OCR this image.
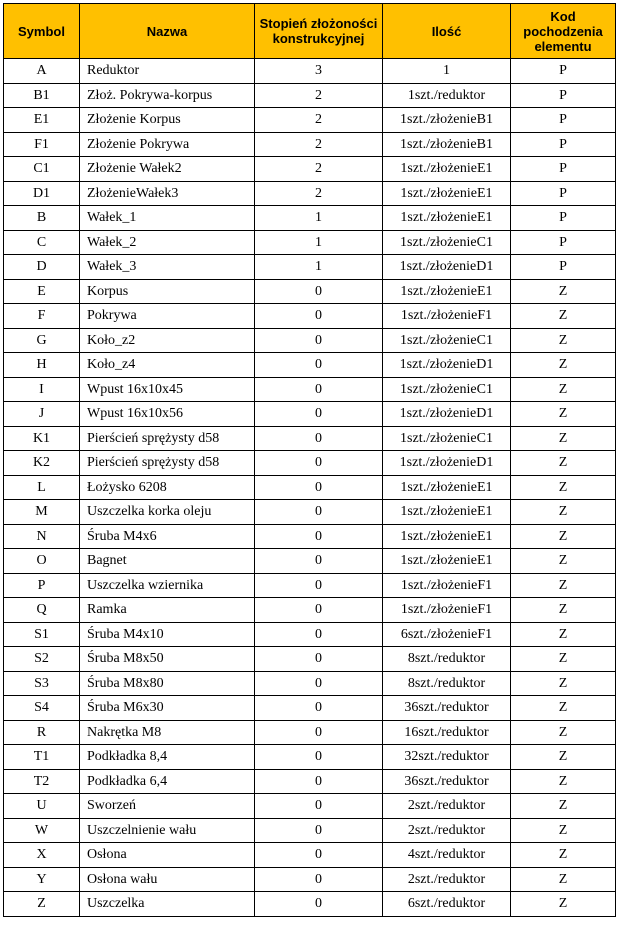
Symbol	Nazwa	Stopień złożoności konstrukcyjnej	Ilość	Kod pochodzenia elementu
A	Reduktor	3	1	P
B1	Złoż. Pokrywa-korpus	2	1szt./reduktor	P
E1	Złożenie Korpus	2	1szt./złożenieB1	P
F1	Złożenie Pokrywa	2	1szt./złożenieB1	P
C1	Złożenie Wałek2	2	1szt./złożenieE1	P
D1	ZłożenieWałek3	2	1szt./złożenieE1	P
B	Wałek_1	1	1szt./złożenieE1	P
C	Wałek_2	1	1szt./złożenieC1	P
D	Wałek_3	1	1szt./złożenieD1	P
E	Korpus	0	1szt./złożenieE1	Z
F	Pokrywa	0	1szt./złożenieF1	Z
G	Koło_z2	0	1szt./złożenieC1	Z
H	Koło_z4	0	1szt./złożenieD1	Z
I	Wpust 16x10x45	0	1szt./złożenieC1	Z
J	Wpust 16x10x56	0	1szt./złożenieD1	Z
K1	Pierścień sprężysty d58	0	1szt./złożenieC1	Z
K2	Pierścień sprężysty d58	0	1szt./złożenieD1	Z
L	Łożysko 6208	0	1szt./złożenieE1	Z
M	Uszczelka korka oleju	0	1szt./złożenieE1	Z
N	Śruba M4x6	0	1szt./złożenieE1	Z
O	Bagnet	0	1szt./złożenieE1	Z
P	Uszczelka wziernika	0	1szt./złożenieF1	Z
Q	Ramka	0	1szt./złożenieF1	Z
S1	Śruba M4x10	0	6szt./złożenieF1	Z
S2	Śruba M8x50	0	8szt./reduktor	Z
S3	Śruba M8x80	0	8szt./reduktor	Z
S4	Śruba M6x30	0	36szt./reduktor	Z
R	Nakrętka M8	0	16szt./reduktor	Z
T1	Podkładka 8,4	0	32szt./reduktor	Z
T2	Podkładka 6,4	0	36szt./reduktor	Z
U	Sworzeń	0	2szt./reduktor	Z
W	Uszczelnienie wału	0	2szt./reduktor	Z
X	Osłona	0	4szt./reduktor	Z
Y	Osłona wału	0	2szt./reduktor	Z
Z	Uszczelka	0	6szt./reduktor	Z
